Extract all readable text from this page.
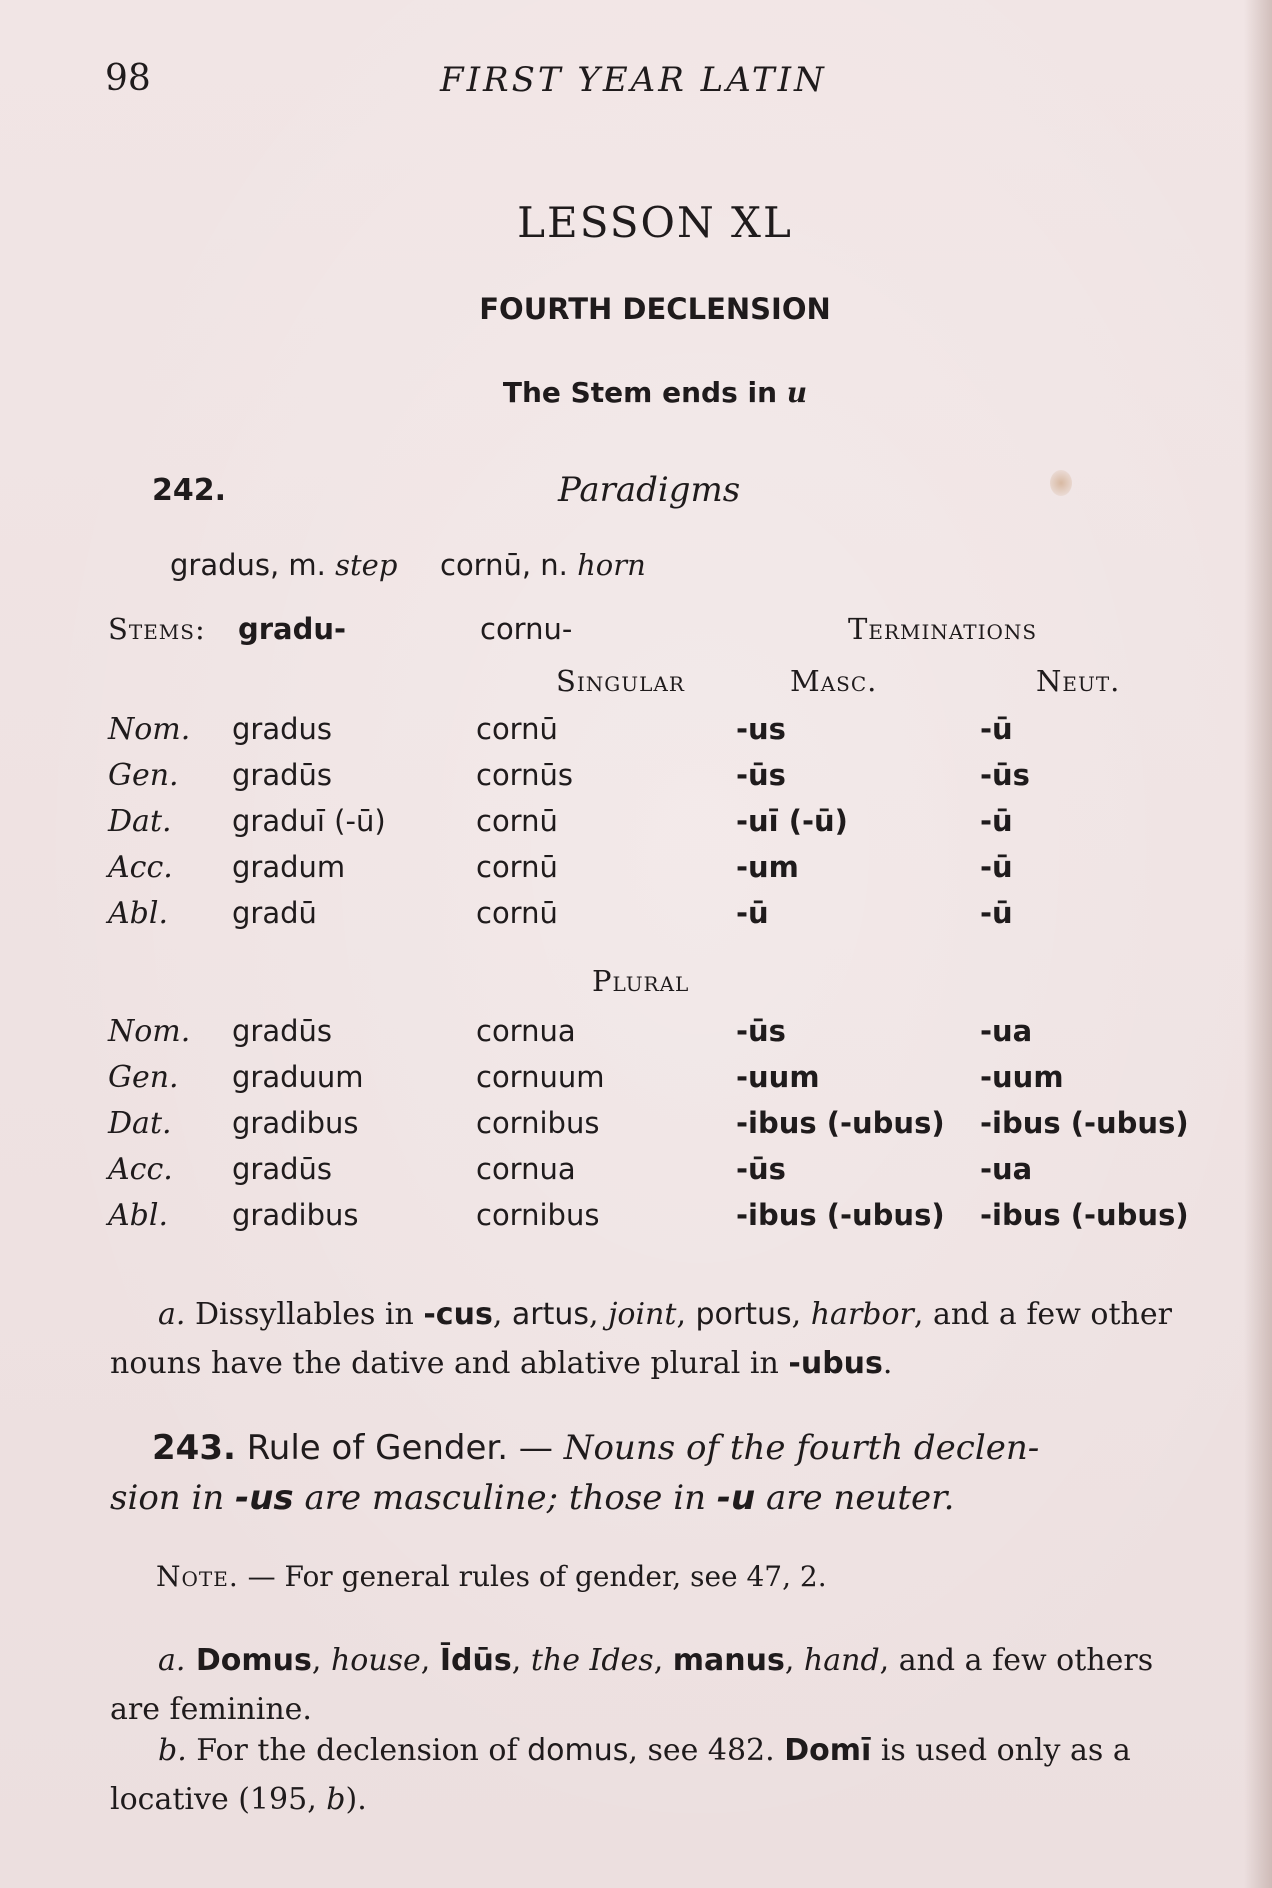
98	FIRST YEAR LATIN
LESSON XL
FOURTH DECLENSION
The Stem ends in u
242.	Paradigms
gradus, m. step cornū, n. horn
Stems: gradu-	cornu-	Terminations
Singular	Masc.	Neut.
Nom. gradus	cornū	-us	-ū
Gen. gradūs	cornūs	-ūs	-ūs
Dat. graduī (-ū)	cornū	-uī (-ū)	-ū
Acc. gradum	cornū	-um	-ū
Abl. gradū	cornū	-ū	-ū
Plural
Nom. gradūs	cornua	-ūs	-ua
Gen. graduum	cornuum	-uum	-uum
Dat. gradibus	cornibus	-ibus (-ubus) -ibus (-ubus)
Acc. gradūs	cornua	-ūs	-ua
Abl. gradibus	cornibus	-ibus (-ubus) -ibus (-ubus)
a. Dissyllables in -cus, artus, joint, portus, harbor, and a few other nouns have the dative and ablative plural in -ubus.
243. Rule of Gender. — Nouns of the fourth declen-
sion in -us are masculine; those in -u are neuter.
Note. — For general rules of gender, see 47, 2.
a. Domus, house, Īdūs, the Ides, manus, hand, and a few others are feminine.
b. For the declension of domus, see 482. Domī is used only as a locative (195, b).
